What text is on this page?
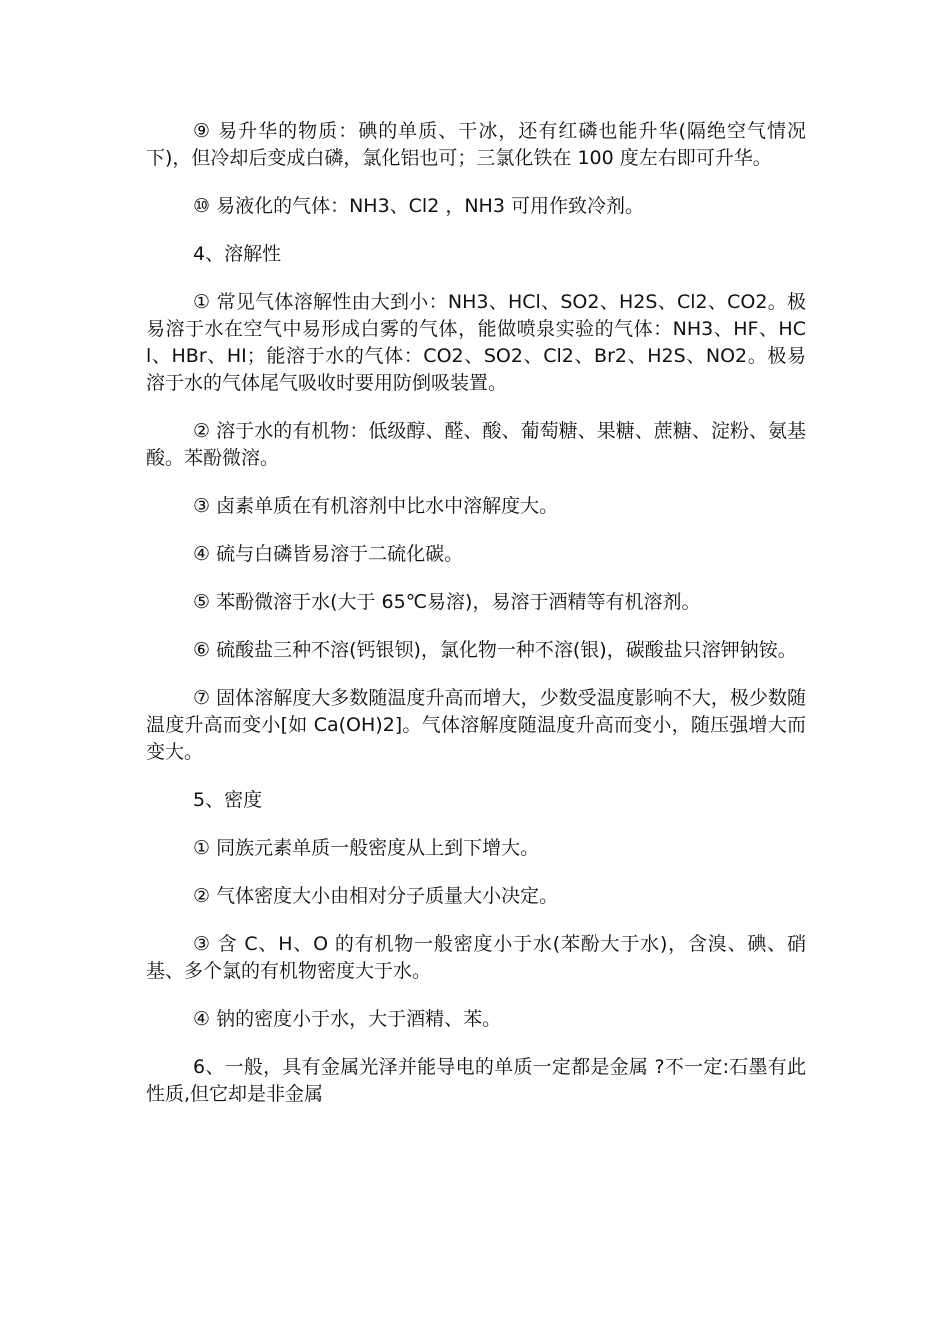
⑨ 易升华的物质：碘的单质、干冰，还有红磷也能升华(隔绝空气情况下)，但冷却后变成白磷，氯化铝也可；三氯化铁在 100 度左右即可升华。

⑩ 易液化的气体：NH3、Cl2 ，NH3 可用作致冷剂。

4、溶解性

① 常见气体溶解性由大到小：NH3、HCl、SO2、H2S、Cl2、CO2。极易溶于水在空气中易形成白雾的气体，能做喷泉实验的气体：NH3、HF、HCl、HBr、HI；能溶于水的气体：CO2、SO2、Cl2、Br2、H2S、NO2。极易溶于水的气体尾气吸收时要用防倒吸装置。

② 溶于水的有机物：低级醇、醛、酸、葡萄糖、果糖、蔗糖、淀粉、氨基酸。苯酚微溶。

③ 卤素单质在有机溶剂中比水中溶解度大。

④ 硫与白磷皆易溶于二硫化碳。

⑤ 苯酚微溶于水(大于 65℃易溶)，易溶于酒精等有机溶剂。

⑥ 硫酸盐三种不溶(钙银钡)，氯化物一种不溶(银)，碳酸盐只溶钾钠铵。

⑦ 固体溶解度大多数随温度升高而增大，少数受温度影响不大，极少数随温度升高而变小[如 Ca(OH)2]。气体溶解度随温度升高而变小，随压强增大而变大。

5、密度

① 同族元素单质一般密度从上到下增大。

② 气体密度大小由相对分子质量大小决定。

③ 含 C、H、O 的有机物一般密度小于水(苯酚大于水)，含溴、碘、硝基、多个氯的有机物密度大于水。

④ 钠的密度小于水，大于酒精、苯。

6、一般，具有金属光泽并能导电的单质一定都是金属 ?不一定:石墨有此性质,但它却是非金属
